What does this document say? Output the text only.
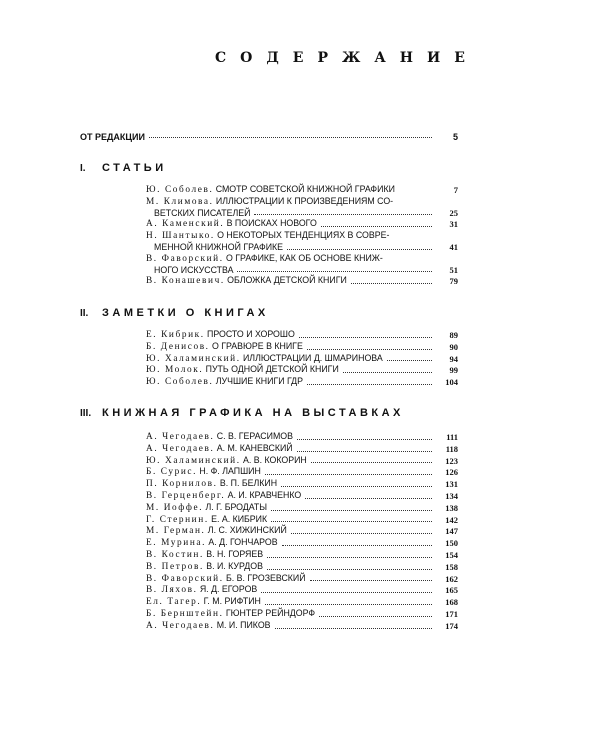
СОДЕРЖАНИЕ
ОТ РЕДАКЦИИ	5
I. СТАТЬИ
Ю. Соболев. СМОТР СОВЕТСКОЙ КНИЖНОЙ ГРАФИКИ	7
М. Климова. ИЛЛЮСТРАЦИИ К ПРОИЗВЕДЕНИЯМ СО-
ВЕТСКИХ ПИСАТЕЛЕЙ	25
А. Каменский. В ПОИСКАХ НОВОГО	31
Н. Шантыко. О НЕКОТОРЫХ ТЕНДЕНЦИЯХ В СОВРЕ-
МЕННОЙ КНИЖНОЙ ГРАФИКЕ	41
В. Фаворский. О ГРАФИКЕ, КАК ОБ ОСНОВЕ КНИЖ-
НОГО ИСКУССТВА	51
В. Конашевич. ОБЛОЖКА ДЕТСКОЙ КНИГИ	79
II. ЗАМЕТКИ О КНИГАХ
Е. Кибрик. ПРОСТО И ХОРОШО	89
Б. Денисов. О ГРАВЮРЕ В КНИГЕ	90
Ю. Халаминский. ИЛЛЮСТРАЦИИ Д. ШМАРИНОВА	94
Ю. Молок. ПУТЬ ОДНОЙ ДЕТСКОЙ КНИГИ	99
Ю. Соболев. ЛУЧШИЕ КНИГИ ГДР	104
III. КНИЖНАЯ ГРАФИКА НА ВЫСТАВКАХ
А. Чегодаев. С. В. ГЕРАСИМОВ	111
А. Чегодаев. А. М. КАНЕВСКИЙ	118
Ю. Халаминский. А. В. КОКОРИН	123
Б. Сурис. Н. Ф. ЛАПШИН	126
П. Корнилов. В. П. БЕЛКИН	131
В. Герценберг. А. И. КРАВЧЕНКО	134
М. Иоффе. Л. Г. БРОДАТЫ	138
Г. Стернин. Е. А. КИБРИК	142
М. Герман. Л. С. ХИЖИНСКИЙ	147
Е. Мурина. А. Д. ГОНЧАРОВ	150
В. Костин. В. Н. ГОРЯЕВ	154
В. Петров. В. И. КУРДОВ	158
В. Фаворский. Б. В. ГРОЗЕВСКИЙ	162
В. Ляхов. Я. Д. ЕГОРОВ	165
Ел. Тагер. Г. М. РИФТИН	168
Б. Бернштейн. ГЮНТЕР РЕЙНДОРФ	171
А. Чегодаев. М. И. ПИКОВ	174
